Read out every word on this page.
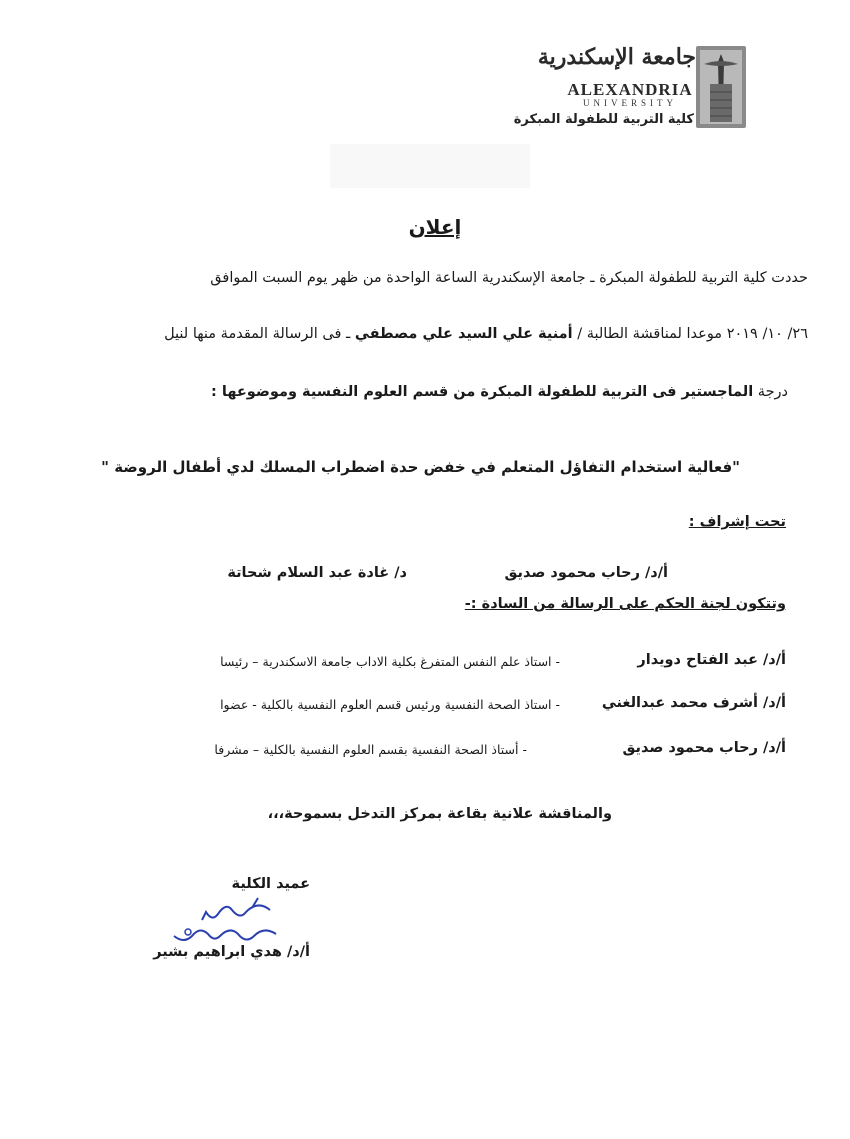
جامعة الإسكندرية
ALEXANDRIA
UNIVERSITY
كلية التربية للطفولة المبكرة
إعلان
حددت كلية التربية للطفولة المبكرة ـ جامعة الإسكندرية الساعة الواحدة من ظهر يوم السبت الموافق
٢٦/ ١٠/ ٢٠١٩ موعدا لمناقشة الطالبة / أمنية علي السيد علي مصطفي ـ فى الرسالة المقدمة منها لنيل
درجة الماجستير فى التربية للطفولة المبكرة من قسم العلوم النفسية وموضوعها :
"فعالية استخدام التفاؤل المتعلم في خفض حدة اضطراب المسلك لدي أطفال الروضة "
تحت إشراف :
أ/د/ رحاب محمود صديق
د/ غادة عبد السلام شحاتة
وتتكون لجنة الحكم على الرسالة من السادة :-
أ/د/ عبد الفتاح دويدار
- استاذ علم النفس المتفرغ بكلية الاداب جامعة الاسكندرية – رئيسا
أ/د/ أشرف محمد عبدالغني
- استاذ الصحة النفسية ورئيس قسم العلوم النفسية بالكلية - عضوا
أ/د/ رحاب محمود صديق
- أستاذ الصحة النفسية بقسم العلوم النفسية بالكلية – مشرفا
والمناقشة علانية بقاعة بمركز التدخل بسموحة،،،
عميد الكلية
أ/د/ هدي ابراهيم بشير
